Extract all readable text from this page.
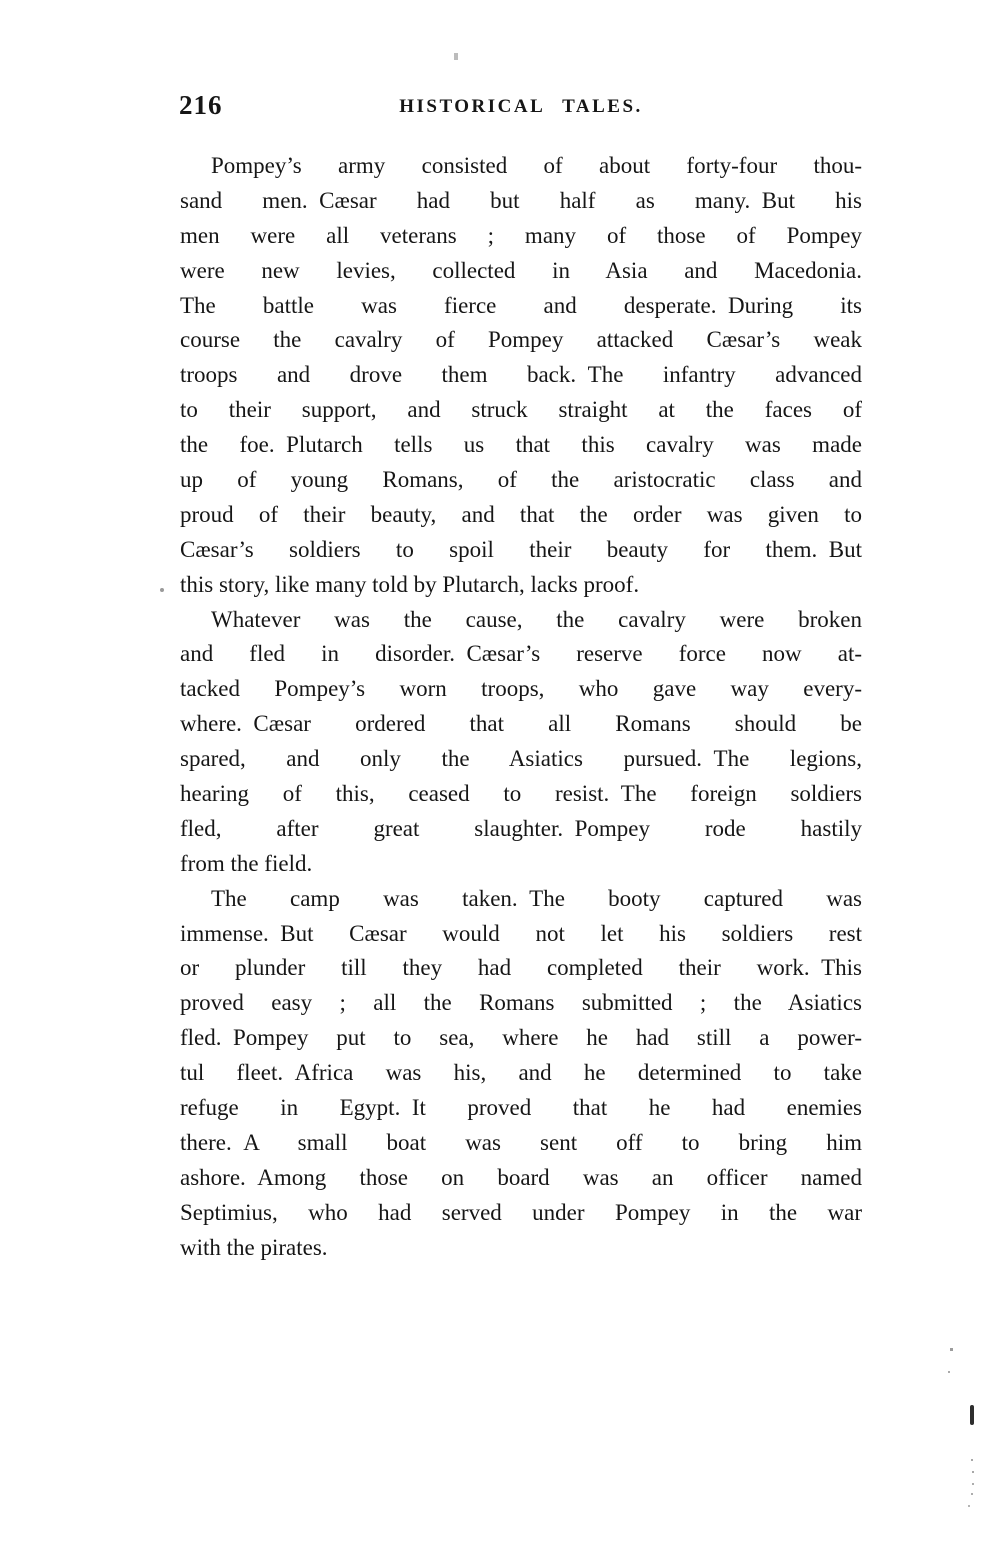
216	HISTORICAL TALES.
Pompey’s army consisted of about forty-four thou-
sand men. Cæsar had but half as many. But his
men were all veterans ; many of those of Pompey
were new levies, collected in Asia and Macedonia.
The battle was fierce and desperate. During its
course the cavalry of Pompey attacked Cæsar’s weak
troops and drove them back. The infantry advanced
to their support, and struck straight at the faces of
the foe. Plutarch tells us that this cavalry was made
up of young Romans, of the aristocratic class and
proud of their beauty, and that the order was given to
Cæsar’s soldiers to spoil their beauty for them. But
this story, like many told by Plutarch, lacks proof.
Whatever was the cause, the cavalry were broken
and fled in disorder. Cæsar’s reserve force now at-
tacked Pompey’s worn troops, who gave way every-
where. Cæsar ordered that all Romans should be
spared, and only the Asiatics pursued. The legions,
hearing of this, ceased to resist. The foreign soldiers
fled, after great slaughter. Pompey rode hastily
from the field.
The camp was taken. The booty captured was
immense. But Cæsar would not let his soldiers rest
or plunder till they had completed their work. This
proved easy ; all the Romans submitted ; the Asiatics
fled. Pompey put to sea, where he had still a power-
tul fleet. Africa was his, and he determined to take
refuge in Egypt. It proved that he had enemies
there. A small boat was sent off to bring him
ashore. Among those on board was an officer named
Septimius, who had served under Pompey in the war
with the pirates.
